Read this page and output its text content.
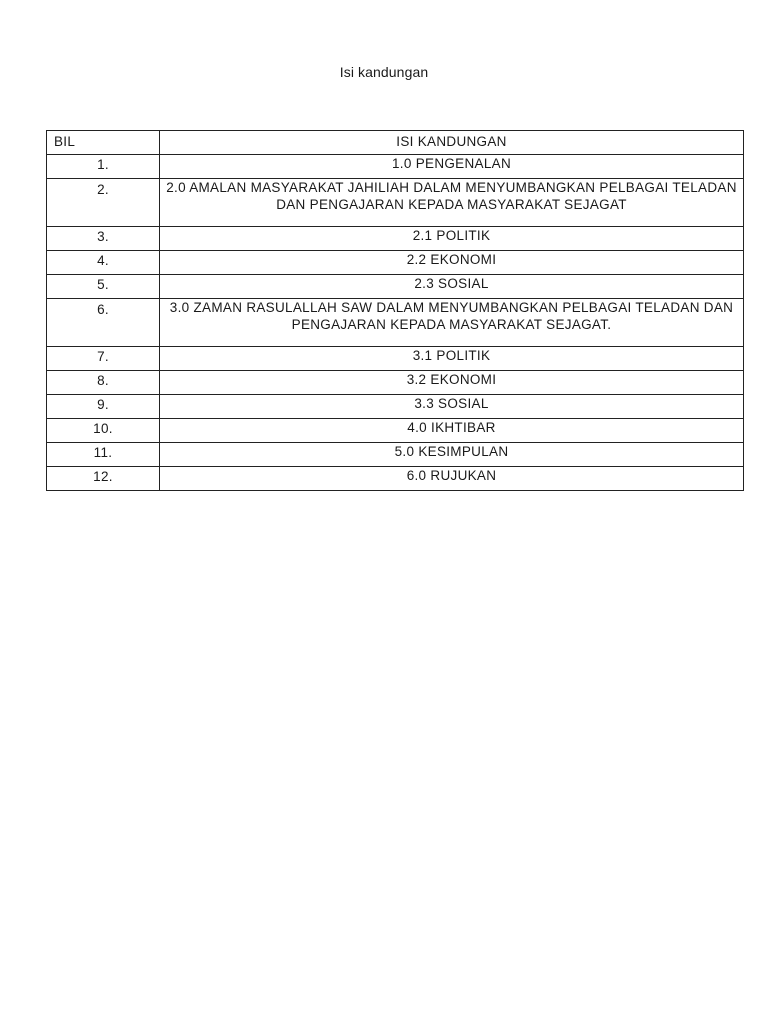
Isi kandungan
BIL	ISI KANDUNGAN
1.	1.0 PENGENALAN
2.	2.0 AMALAN MASYARAKAT JAHILIAH DALAM MENYUMBANGKAN PELBAGAI TELADAN DAN PENGAJARAN KEPADA MASYARAKAT SEJAGAT
3.	2.1 POLITIK
4.	2.2 EKONOMI
5.	2.3 SOSIAL
6.	3.0 ZAMAN RASULALLAH SAW DALAM MENYUMBANGKAN PELBAGAI TELADAN DAN PENGAJARAN KEPADA MASYARAKAT SEJAGAT.
7.	3.1 POLITIK
8.	3.2 EKONOMI
9.	3.3 SOSIAL
10.	4.0 IKHTIBAR
11.	5.0 KESIMPULAN
12.	6.0 RUJUKAN
